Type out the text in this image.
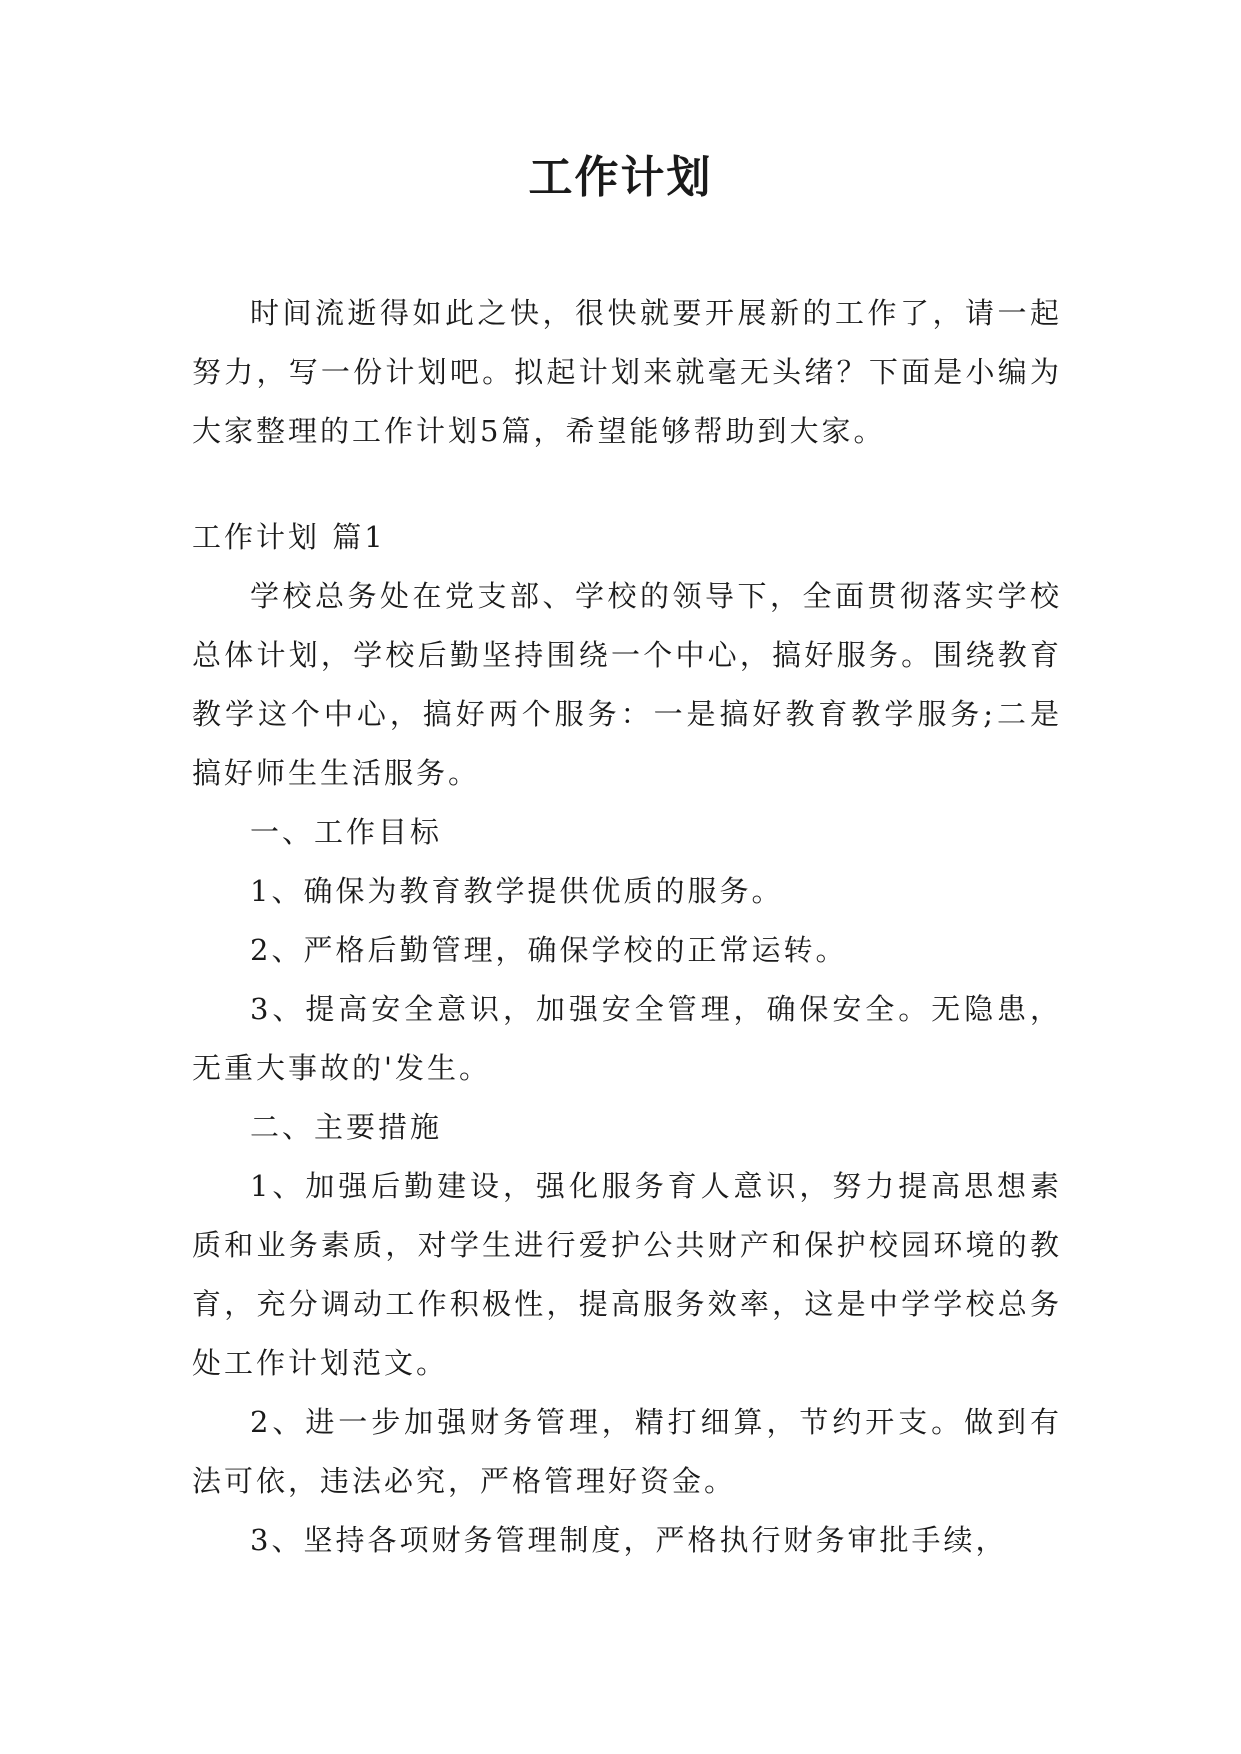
工作计划

时间流逝得如此之快，很快就要开展新的工作了，请一起努力，写一份计划吧。拟起计划来就毫无头绪？下面是小编为大家整理的工作计划5篇，希望能够帮助到大家。

工作计划 篇1

学校总务处在党支部、学校的领导下，全面贯彻落实学校总体计划，学校后勤坚持围绕一个中心，搞好服务。围绕教育教学这个中心，搞好两个服务：一是搞好教育教学服务;二是搞好师生生活服务。

一、工作目标

1、确保为教育教学提供优质的服务。

2、严格后勤管理，确保学校的正常运转。

3、提高安全意识，加强安全管理，确保安全。无隐患，无重大事故的'发生。

二、主要措施

1、加强后勤建设，强化服务育人意识，努力提高思想素质和业务素质，对学生进行爱护公共财产和保护校园环境的教育，充分调动工作积极性，提高服务效率，这是中学学校总务处工作计划范文。

2、进一步加强财务管理，精打细算，节约开支。做到有法可依，违法必究，严格管理好资金。

3、坚持各项财务管理制度，严格执行财务审批手续，
